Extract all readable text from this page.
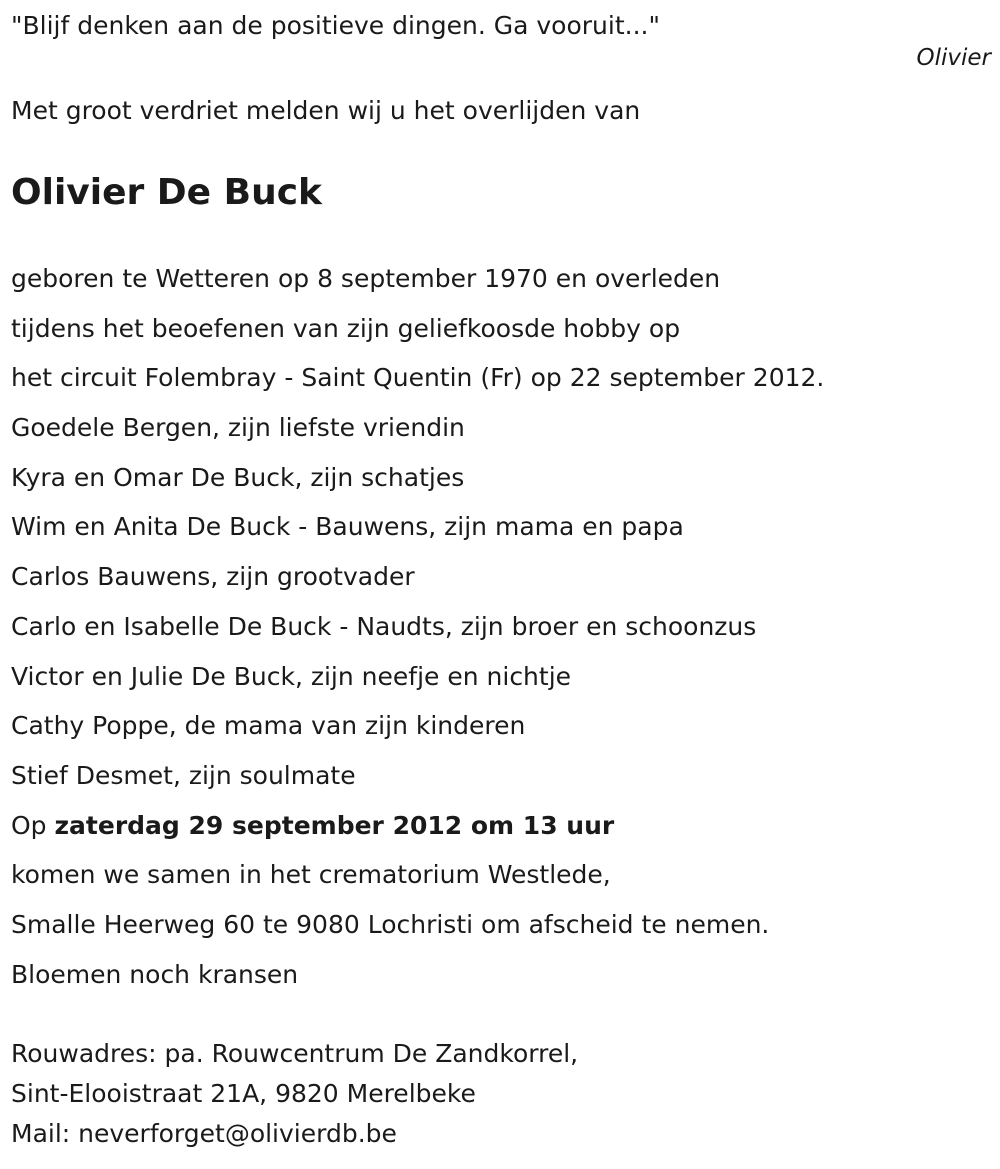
"Blijf denken aan de positieve dingen. Ga vooruit..."
Olivier
Met groot verdriet melden wij u het overlijden van
Olivier De Buck
geboren te Wetteren op 8 september 1970 en overleden
tijdens het beoefenen van zijn geliefkoosde hobby op
het circuit Folembray - Saint Quentin (Fr) op 22 september 2012.
Goedele Bergen, zijn liefste vriendin
Kyra en Omar De Buck, zijn schatjes
Wim en Anita De Buck - Bauwens, zijn mama en papa
Carlos Bauwens, zijn grootvader
Carlo en Isabelle De Buck - Naudts, zijn broer en schoonzus
Victor en Julie De Buck, zijn neefje en nichtje
Cathy Poppe, de mama van zijn kinderen
Stief Desmet, zijn soulmate
Op zaterdag 29 september 2012 om 13 uur
komen we samen in het crematorium Westlede,
Smalle Heerweg 60 te 9080 Lochristi om afscheid te nemen.
Bloemen noch kransen
Rouwadres: pa. Rouwcentrum De Zandkorrel,
Sint-Elooistraat 21A, 9820 Merelbeke
Mail: neverforget@olivierdb.be
